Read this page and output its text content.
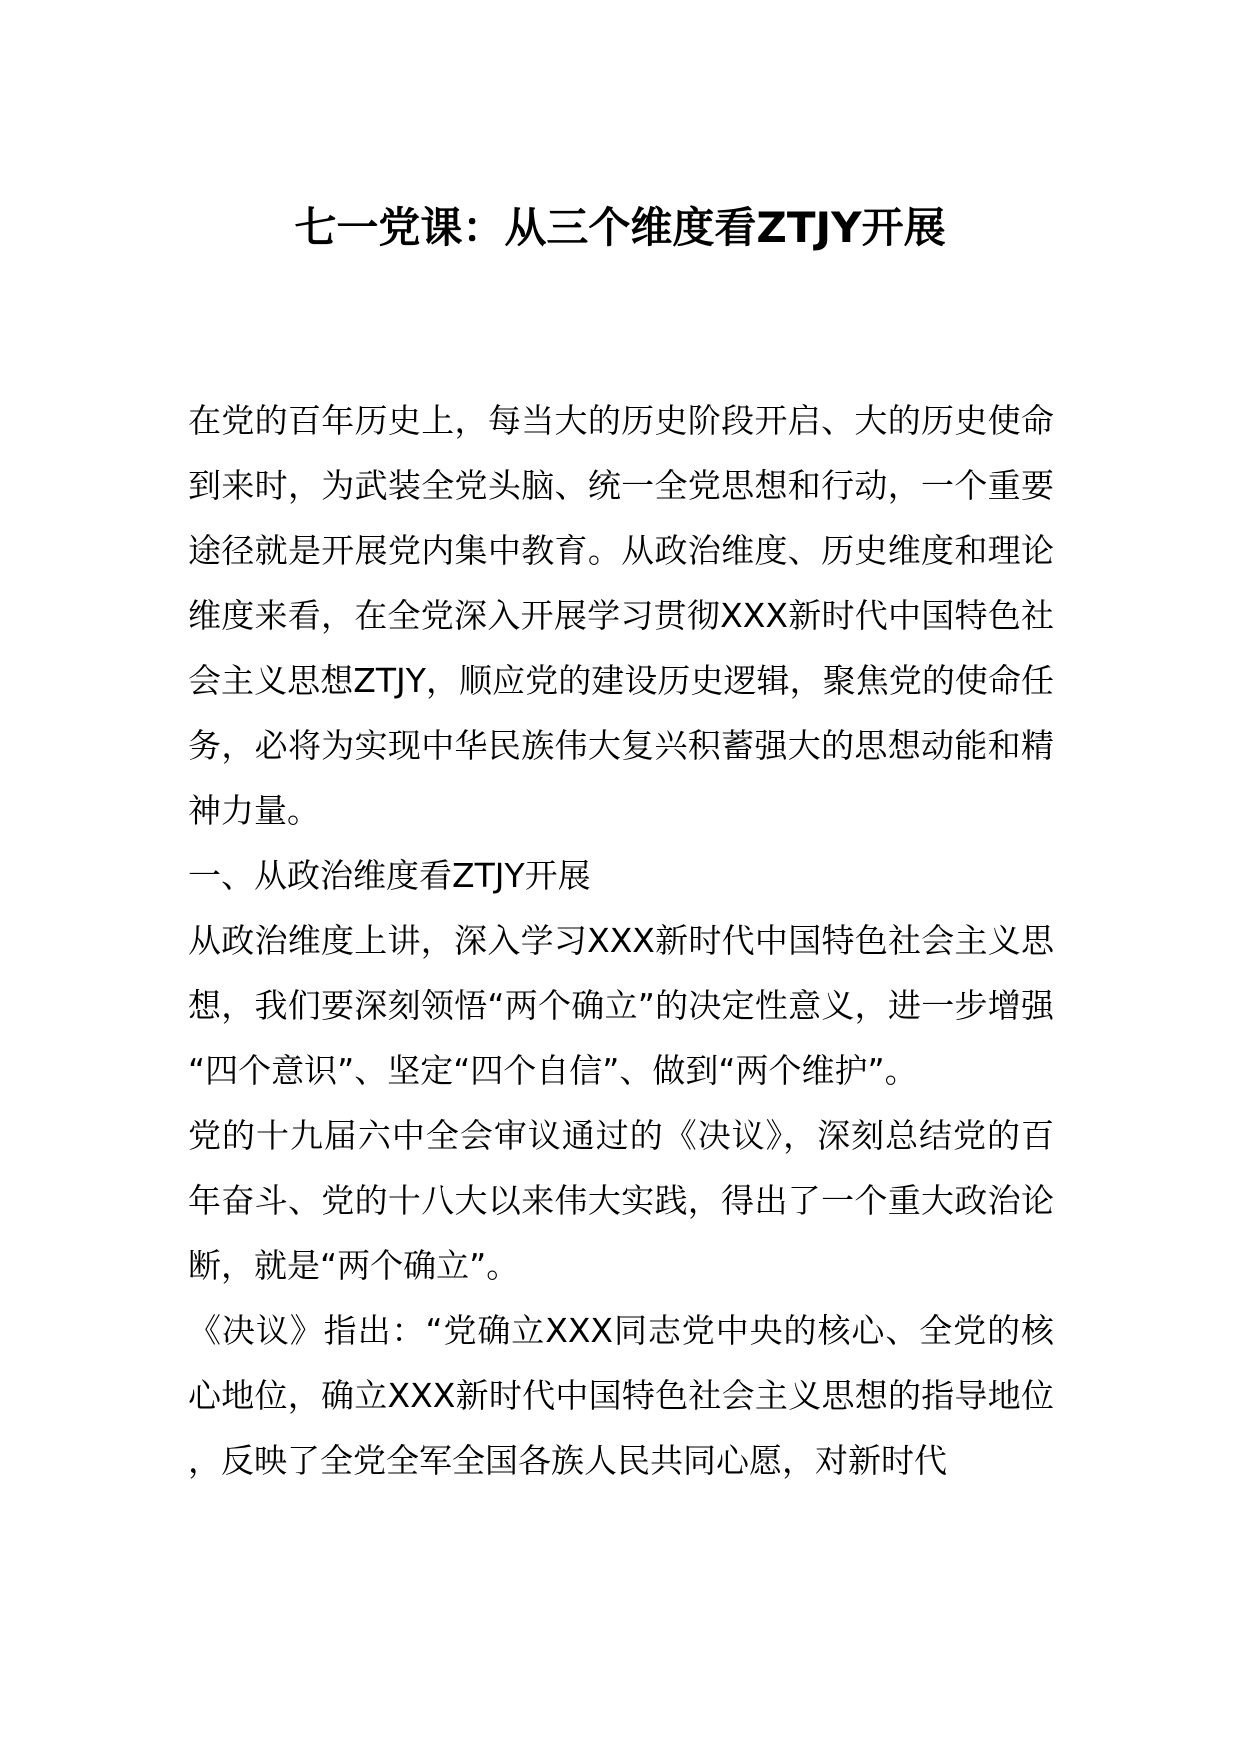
七一党课：从三个维度看ZTJY开展

在党的百年历史上，每当大的历史阶段开启、大的历史使命到来时，为武装全党头脑、统一全党思想和行动，一个重要途径就是开展党内集中教育。从政治维度、历史维度和理论维度来看，在全党深入开展学习贯彻XXX新时代中国特色社会主义思想ZTJY，顺应党的建设历史逻辑，聚焦党的使命任务，必将为实现中华民族伟大复兴积蓄强大的思想动能和精神力量。

一、从政治维度看ZTJY开展

从政治维度上讲，深入学习XXX新时代中国特色社会主义思想，我们要深刻领悟“两个确立”的决定性意义，进一步增强“四个意识”、坚定“四个自信”、做到“两个维护”。

党的十九届六中全会审议通过的《决议》，深刻总结党的百年奋斗、党的十八大以来伟大实践，得出了一个重大政治论断，就是“两个确立”。

《决议》指出：“党确立XXX同志党中央的核心、全党的核心地位，确立XXX新时代中国特色社会主义思想的指导地位，反映了全党全军全国各族人民共同心愿，对新时代
